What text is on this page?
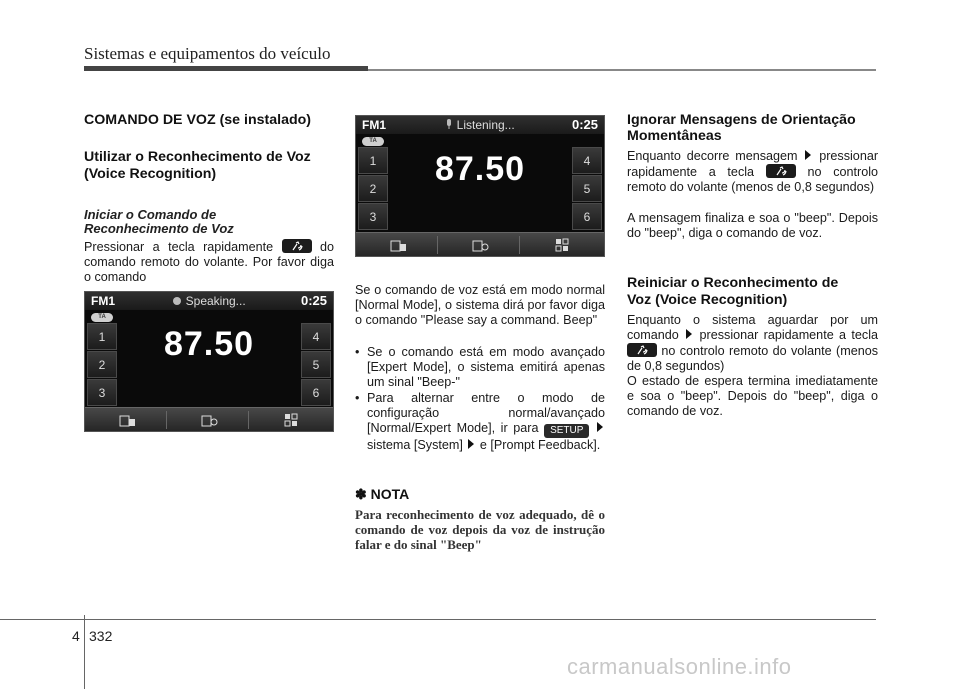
Sistemas e equipamentos do veículo
COMANDO DE VOZ (se instalado)
Utilizar o Reconhecimento de Voz
(Voice Recognition)
Iniciar o Comando de
Reconhecimento de Voz
Pressionar a tecla rapidamente	do comando remoto do volante. Por favor diga o comando
FM1	Speaking...	0:25
TA
1
2
3
4
5
6
87.50
FM1	Listening...	0:25
TA
1
2
3
4
5
6
87.50
Se o comando de voz está em modo normal [Normal Mode], o sistema dirá por favor diga o comando "Please say a command. Beep"
• Se o comando está em modo avançado [Expert Mode], o sistema emitirá apenas um sinal "Beep-"
• Para alternar entre o modo de configuração normal/avançado [Normal/Expert Mode], ir para SETUP  sistema [System] e [Prompt Feedback].
✽ NOTA
Para reconhecimento de voz adequado, dê o comando de voz depois da voz de instrução falar e do sinal "Beep"
Ignorar Mensagens de Orientação
Momentâneas
Enquanto decorre mensagem pressionar rapidamente a tecla	no controlo remoto do volante (menos de 0,8 segundos)
A mensagem finaliza e soa o "beep". Depois do "beep", diga o comando de voz.
Reiniciar o Reconhecimento de
Voz (Voice Recognition)
Enquanto o sistema aguardar por um comando pressionar rapidamente a tecla
no controlo remoto do volante (menos de 0,8 segundos)
O estado de espera termina imediatamente e soa o "beep". Depois do "beep", diga o comando de voz.
4 332
carmanualsonline.info
